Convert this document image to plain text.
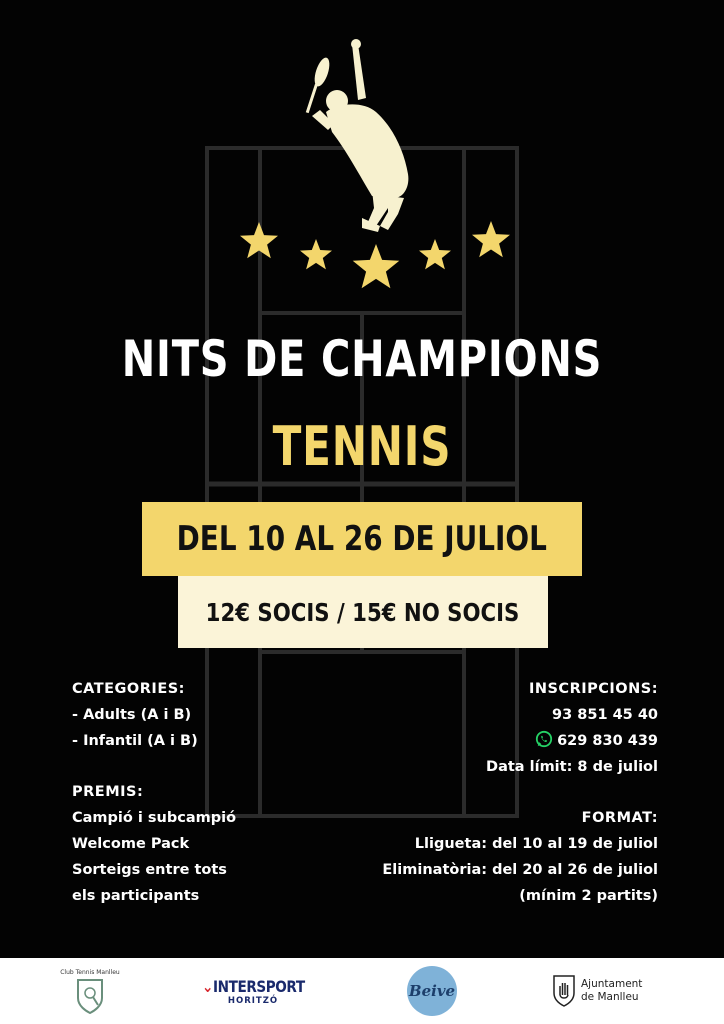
NITS DE CHAMPIONS
TENNIS
DEL 10 AL 26 DE JULIOL
12€ SOCIS / 15€ NO SOCIS
CATEGORIES:
- Adults (A i B)
- Infantil (A i B)
PREMIS:
Campió i subcampió
Welcome Pack
Sorteigs entre tots
els participants
INSCRIPCIONS:
93 851 45 40
629 830 439
Data límit: 8 de juliol
FORMAT:
Lligueta: del 10 al 19 de juliol
Eliminatòria: del 20 al 26 de juliol
(mínim 2 partits)
Club Tennis Manlleu
⌄INTERSPORT
HORITZÓ
Beive	Ajuntament
de Manlleu
